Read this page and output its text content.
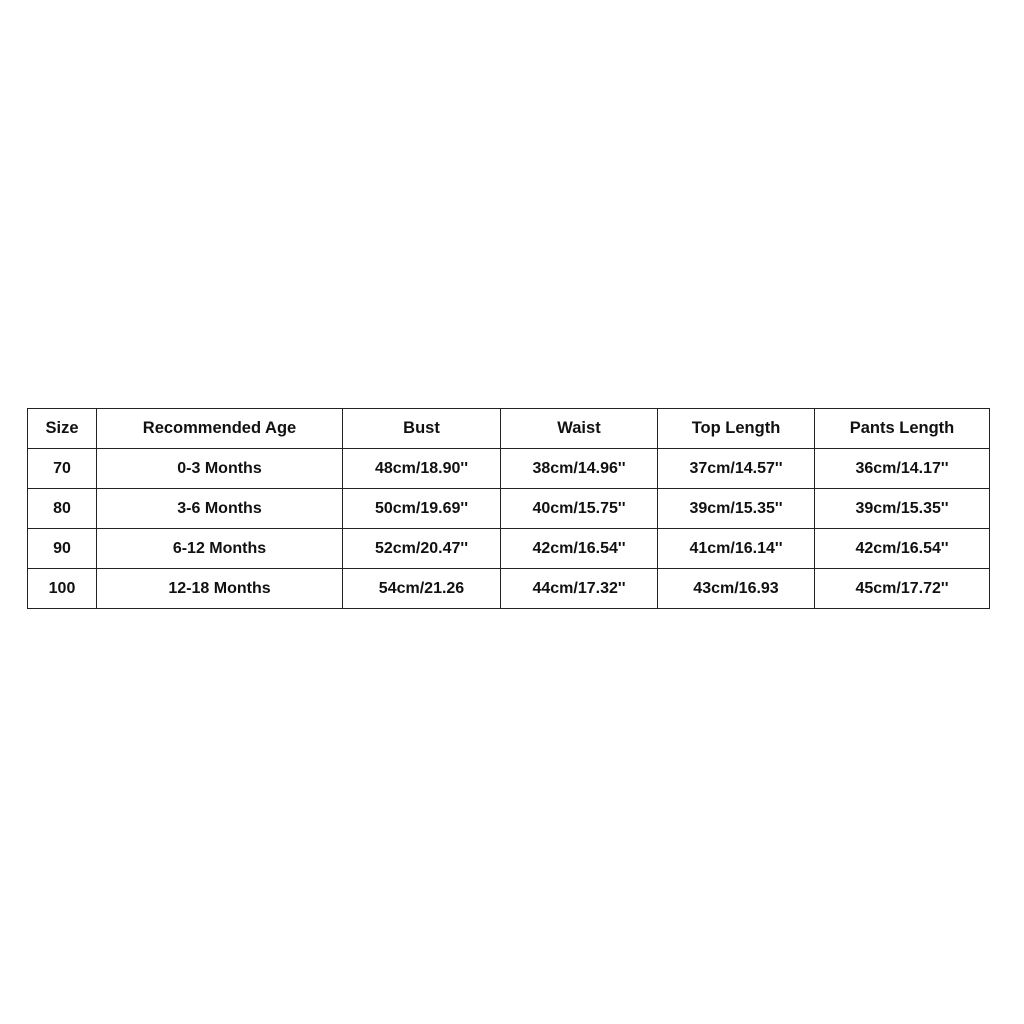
Size	Recommended Age	Bust	Waist	Top Length	Pants Length
70	0-3 Months	48cm/18.90''	38cm/14.96''	37cm/14.57''	36cm/14.17''
80	3-6 Months	50cm/19.69''	40cm/15.75''	39cm/15.35''	39cm/15.35''
90	6-12 Months	52cm/20.47''	42cm/16.54''	41cm/16.14''	42cm/16.54''
100	12-18 Months	54cm/21.26	44cm/17.32''	43cm/16.93	45cm/17.72''
